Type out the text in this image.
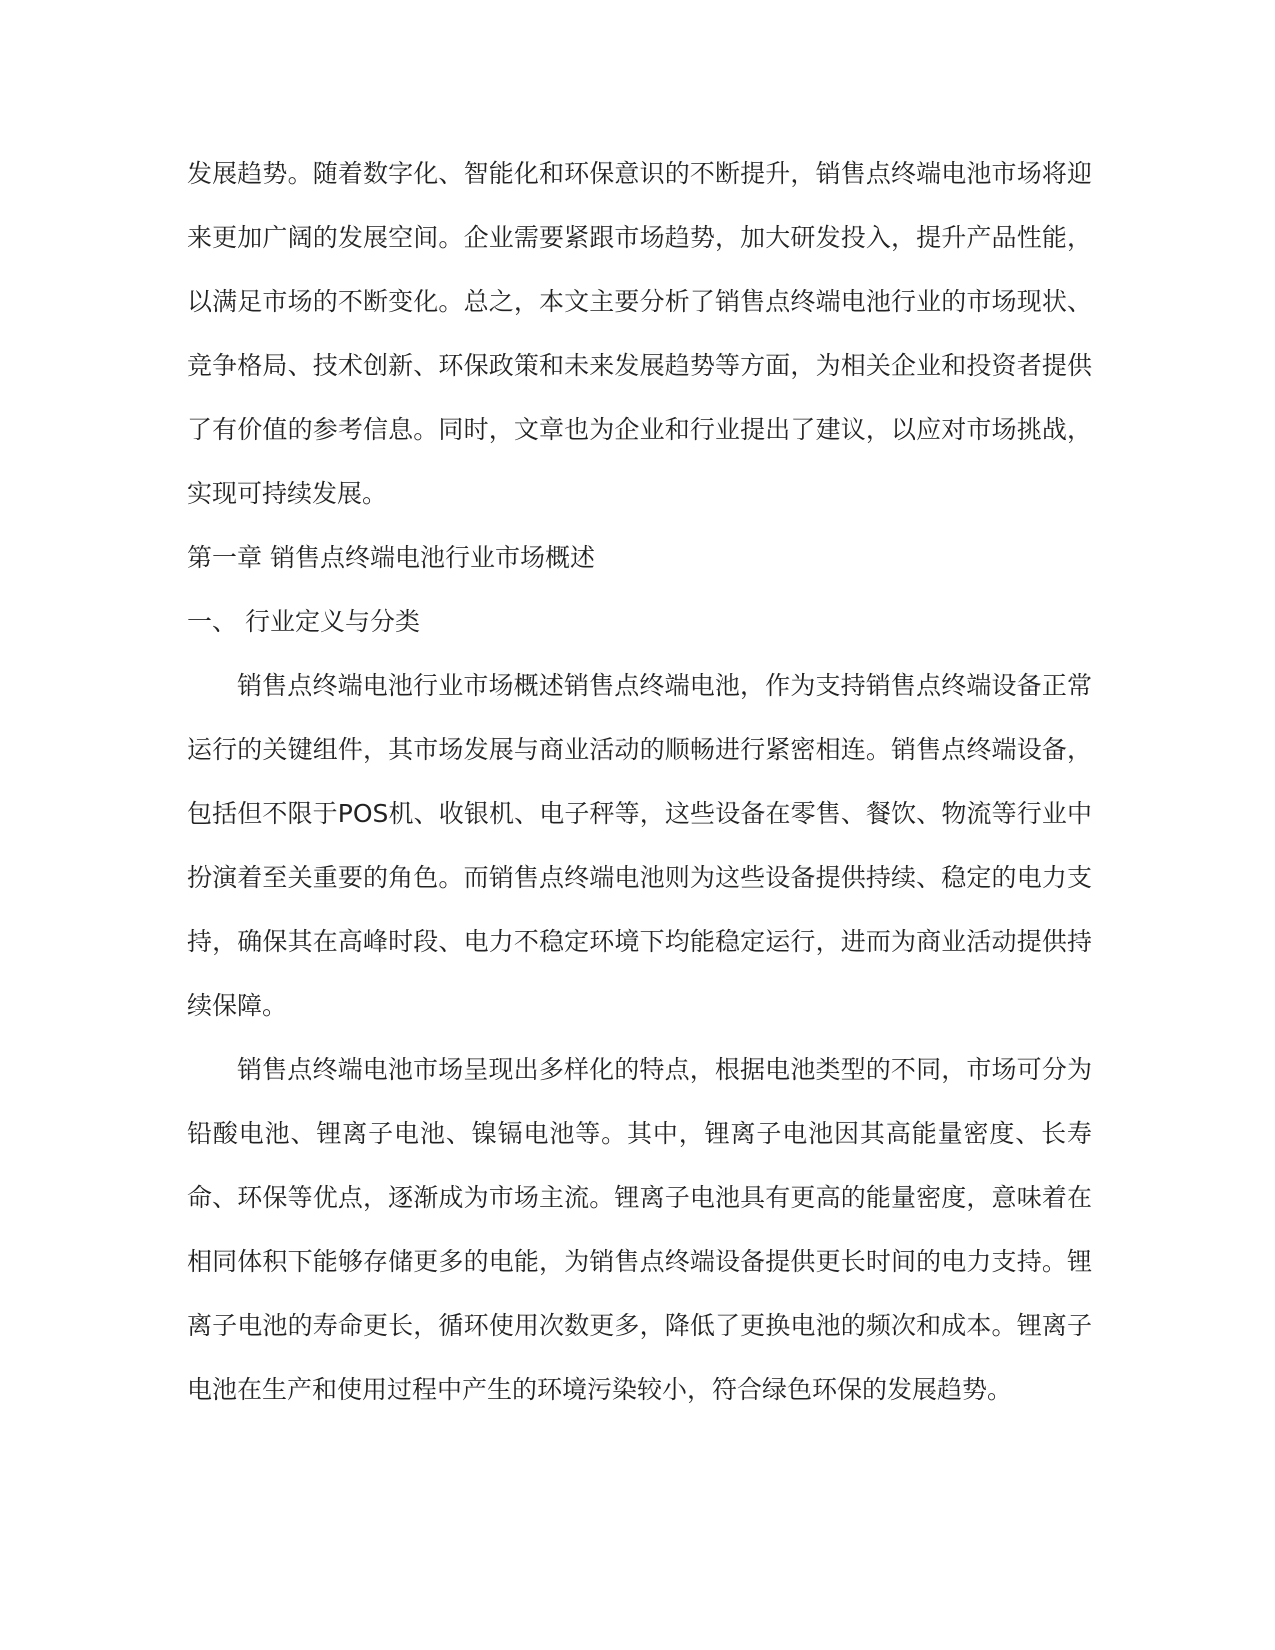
发展趋势。随着数字化、智能化和环保意识的不断提升，销售点终端电池市场将迎来更加广阔的发展空间。企业需要紧跟市场趋势，加大研发投入，提升产品性能，以满足市场的不断变化。总之，本文主要分析了销售点终端电池行业的市场现状、竞争格局、技术创新、环保政策和未来发展趋势等方面，为相关企业和投资者提供了有价值的参考信息。同时，文章也为企业和行业提出了建议，以应对市场挑战，实现可持续发展。

第一章 销售点终端电池行业市场概述

一、 行业定义与分类

销售点终端电池行业市场概述销售点终端电池，作为支持销售点终端设备正常运行的关键组件，其市场发展与商业活动的顺畅进行紧密相连。销售点终端设备，包括但不限于POS机、收银机、电子秤等，这些设备在零售、餐饮、物流等行业中扮演着至关重要的角色。而销售点终端电池则为这些设备提供持续、稳定的电力支持，确保其在高峰时段、电力不稳定环境下均能稳定运行，进而为商业活动提供持续保障。

销售点终端电池市场呈现出多样化的特点，根据电池类型的不同，市场可分为铅酸电池、锂离子电池、镍镉电池等。其中，锂离子电池因其高能量密度、长寿命、环保等优点，逐渐成为市场主流。锂离子电池具有更高的能量密度，意味着在相同体积下能够存储更多的电能，为销售点终端设备提供更长时间的电力支持。锂离子电池的寿命更长，循环使用次数更多，降低了更换电池的频次和成本。锂离子电池在生产和使用过程中产生的环境污染较小，符合绿色环保的发展趋势。
